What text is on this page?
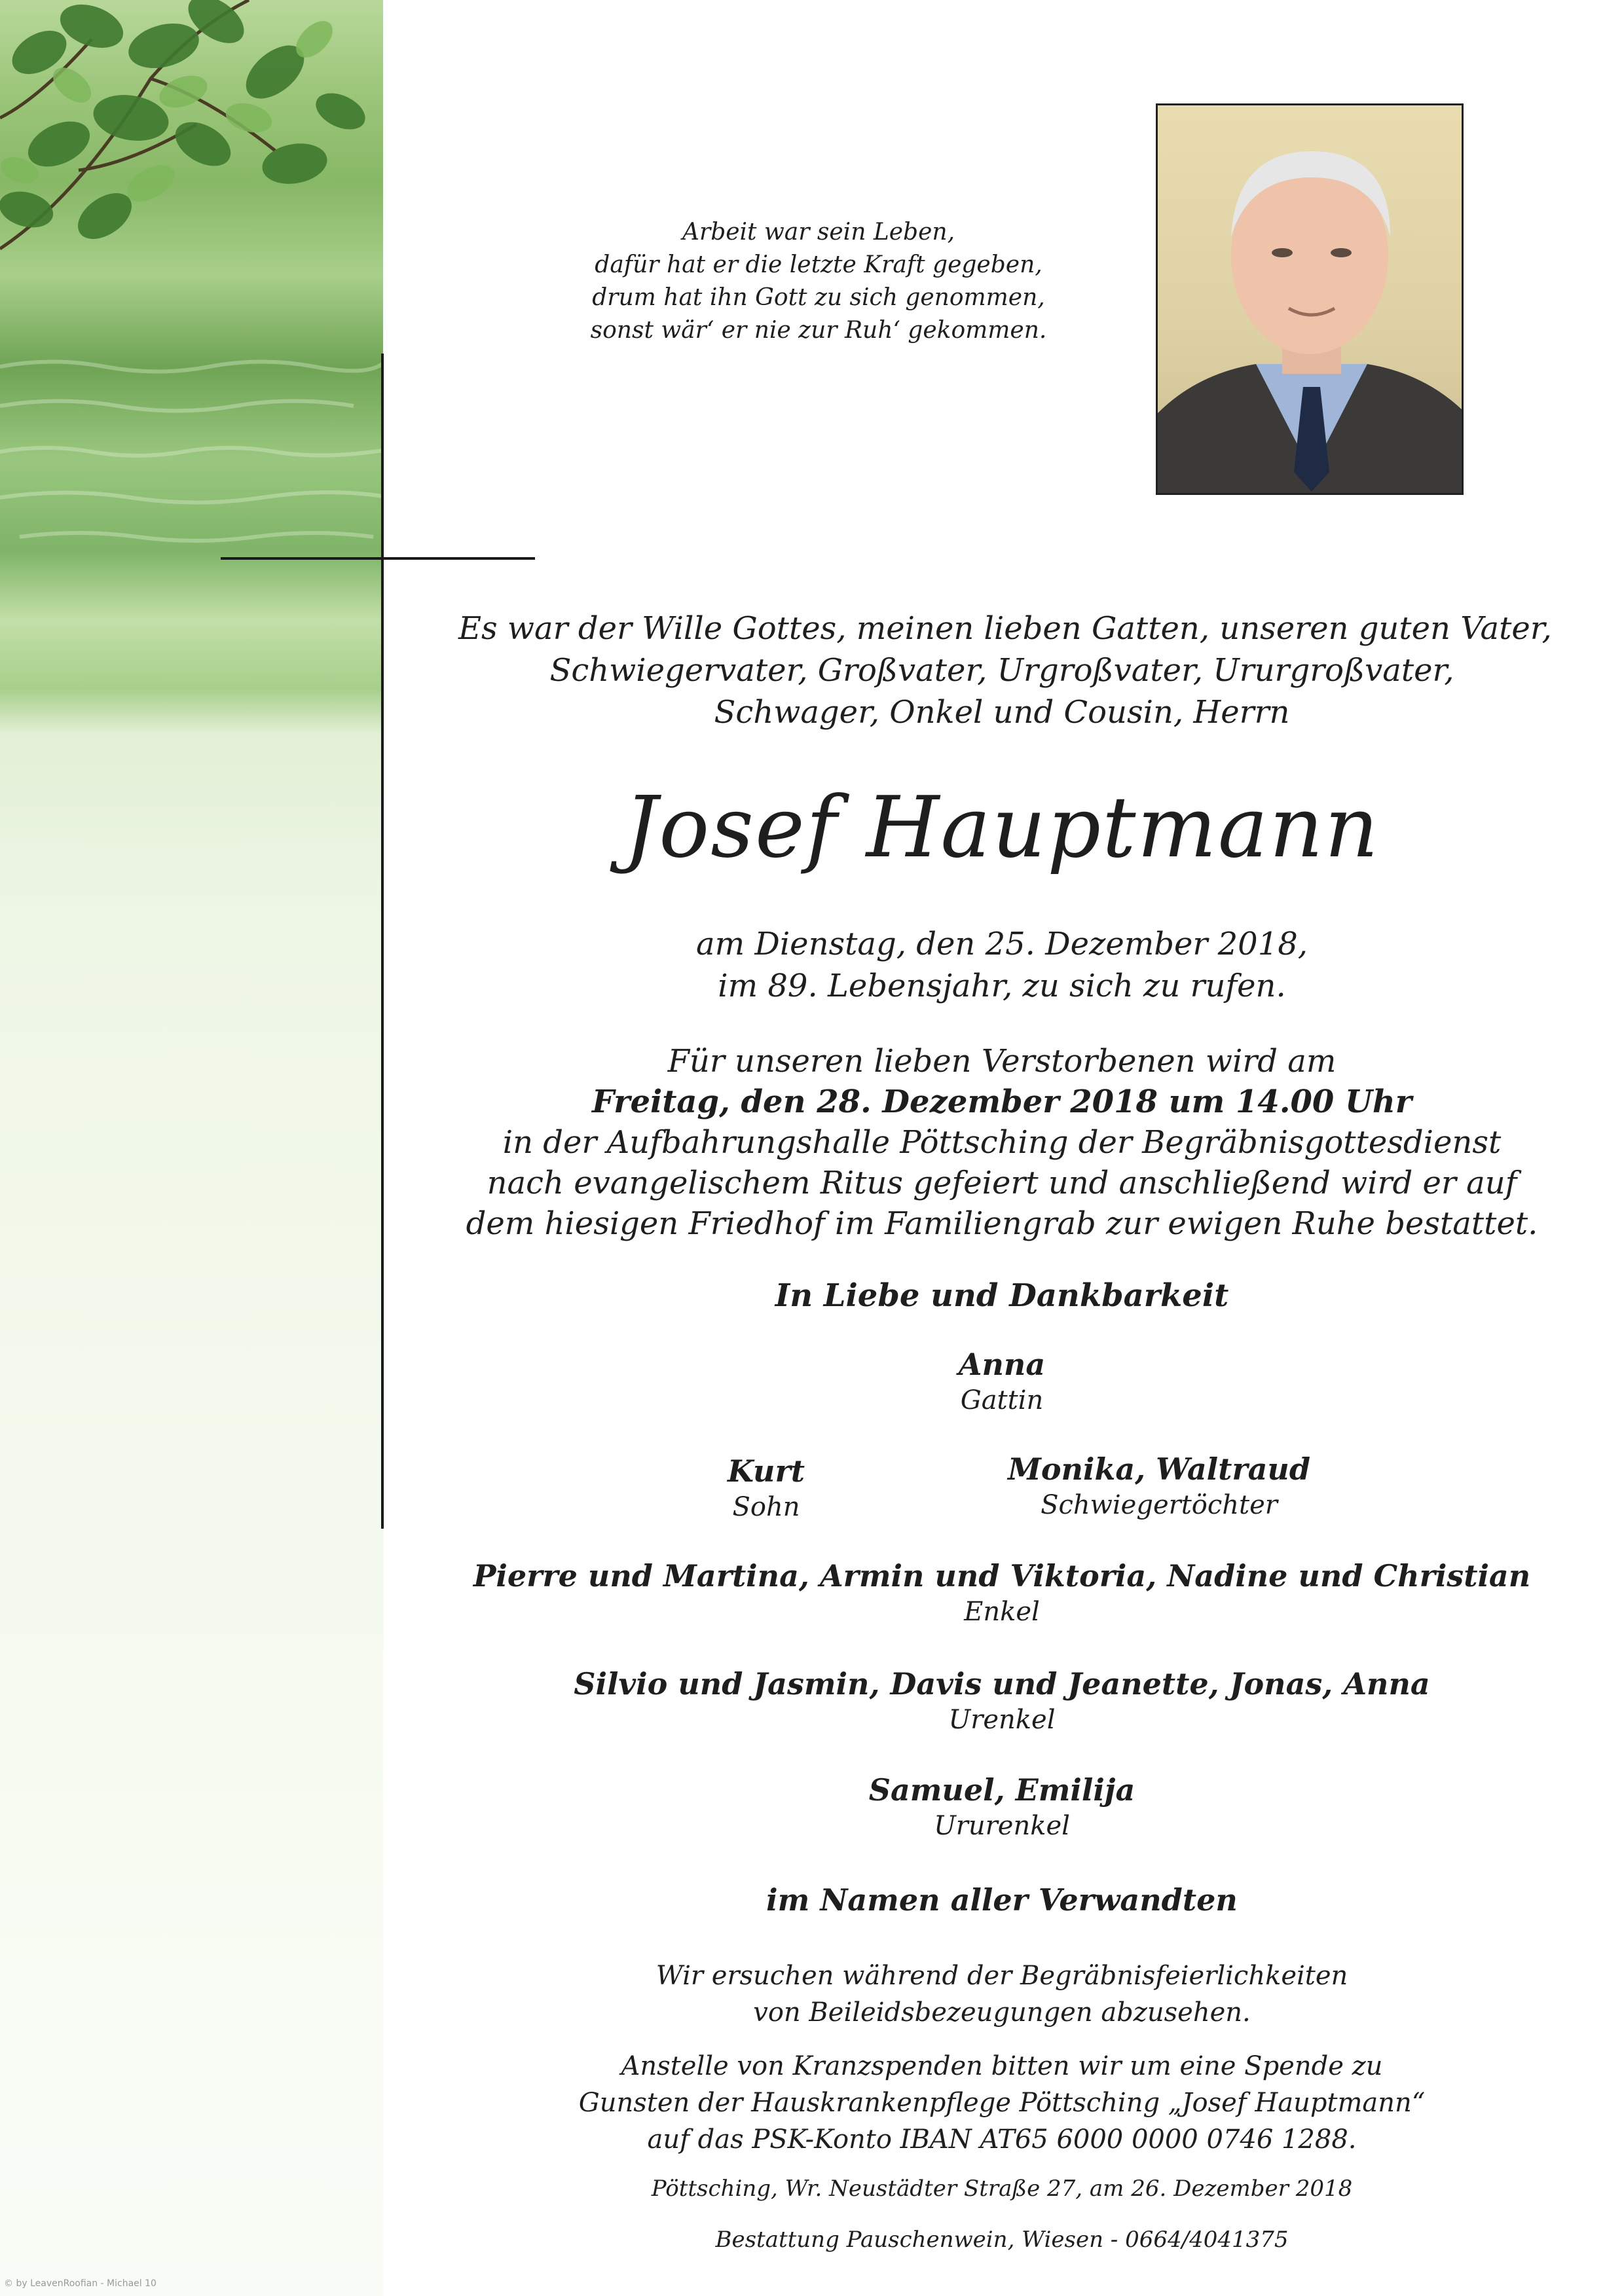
Arbeit war sein Leben,
dafür hat er die letzte Kraft gegeben,
drum hat ihn Gott zu sich genommen,
sonst wär‘ er nie zur Ruh‘ gekommen.
Es war der Wille Gottes, meinen lieben Gatten, unseren guten Vater,
Schwiegervater, Großvater, Urgroßvater, Ururgroßvater,
Schwager, Onkel und Cousin, Herrn
Josef Hauptmann
am Dienstag, den 25. Dezember 2018,
im 89. Lebensjahr, zu sich zu rufen.
Für unseren lieben Verstorbenen wird am
Freitag, den 28. Dezember 2018 um 14.00 Uhr
in der Aufbahrungshalle Pöttsching der Begräbnisgottesdienst
nach evangelischem Ritus gefeiert und anschließend wird er auf
dem hiesigen Friedhof im Familiengrab zur ewigen Ruhe bestattet.
In Liebe und Dankbarkeit
Anna
Gattin
Kurt
Sohn
Monika, Waltraud
Schwiegertöchter
Pierre und Martina, Armin und Viktoria, Nadine und Christian
Enkel
Silvio und Jasmin, Davis und Jeanette, Jonas, Anna
Urenkel
Samuel, Emilija
Ururenkel
im Namen aller Verwandten
Wir ersuchen während der Begräbnisfeierlichkeiten
von Beileidsbezeugungen abzusehen.
Anstelle von Kranzspenden bitten wir um eine Spende zu
Gunsten der Hauskrankenpflege Pöttsching „Josef Hauptmann“
auf das PSK-Konto IBAN AT65 6000 0000 0746 1288.
Pöttsching, Wr. Neustädter Straße 27, am 26. Dezember 2018
Bestattung Pauschenwein, Wiesen - 0664/4041375
© by LeavenRoofian - Michael 10
